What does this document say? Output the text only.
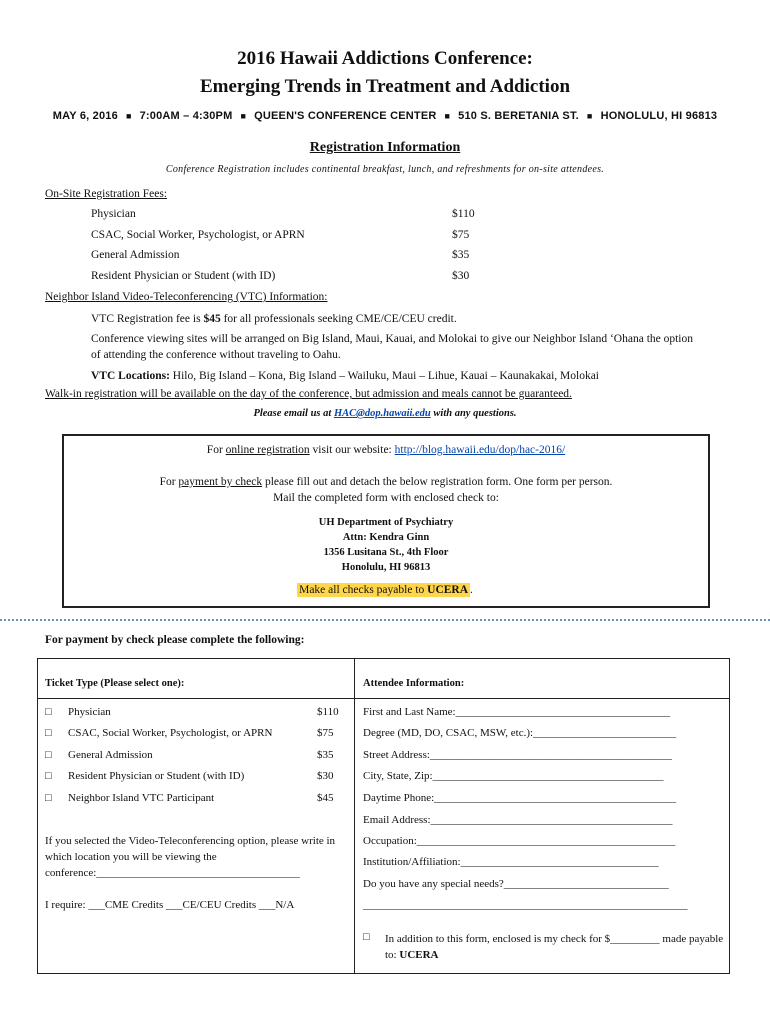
2016 Hawaii Addictions Conference:
Emerging Trends in Treatment and Addiction
MAY 6, 2016 ■ 7:00AM – 4:30PM ■ QUEEN'S CONFERENCE CENTER ■ 510 S. BERETANIA ST. ■ HONOLULU, HI 96813
Registration Information
Conference Registration includes continental breakfast, lunch, and refreshments for on-site attendees.
On-Site Registration Fees:
Physician	$110
CSAC, Social Worker, Psychologist, or APRN	$75
General Admission	$35
Resident Physician or Student (with ID)	$30
Neighbor Island Video-Teleconferencing (VTC) Information:
VTC Registration fee is $45 for all professionals seeking CME/CE/CEU credit.
Conference viewing sites will be arranged on Big Island, Maui, Kauai, and Molokai to give our Neighbor Island ‘Ohana the option of attending the conference without traveling to Oahu.
VTC Locations: Hilo, Big Island – Kona, Big Island – Wailuku, Maui – Lihue, Kauai – Kaunakakai, Molokai
Walk-in registration will be available on the day of the conference, but admission and meals cannot be guaranteed.
Please email us at HAC@dop.hawaii.edu with any questions.
For online registration visit our website: http://blog.hawaii.edu/dop/hac-2016/
For payment by check please fill out and detach the below registration form. One form per person.
Mail the completed form with enclosed check to:
UH Department of Psychiatry
Attn: Kendra Ginn
1356 Lusitana St., 4th Floor
Honolulu, HI 96813
Make all checks payable to UCERA .
For payment by check please complete the following:
Ticket Type (Please select one):	Attendee Information:
□ Physician	$110
□ CSAC, Social Worker, Psychologist, or APRN	$75
□ General Admission	$35
□ Resident Physician or Student (with ID)	$30
□ Neighbor Island VTC Participant	$45
First and Last Name:_______________________________________
Degree (MD, DO, CSAC, MSW, etc.):__________________________
Street Address:____________________________________________
City, State, Zip:__________________________________________
Daytime Phone:____________________________________________
Email Address:____________________________________________
Occupation:_______________________________________________
Institution/Affiliation:____________________________________
Do you have any special needs?______________________________
___________________________________________________________
If you selected the Video-Teleconferencing option, please write in which location you will be viewing the conference:_____________________________________
I require: ___CME Credits ___CE/CEU Credits ___N/A
□ In addition to this form, enclosed is my check for $_________ made payable to: UCERA
